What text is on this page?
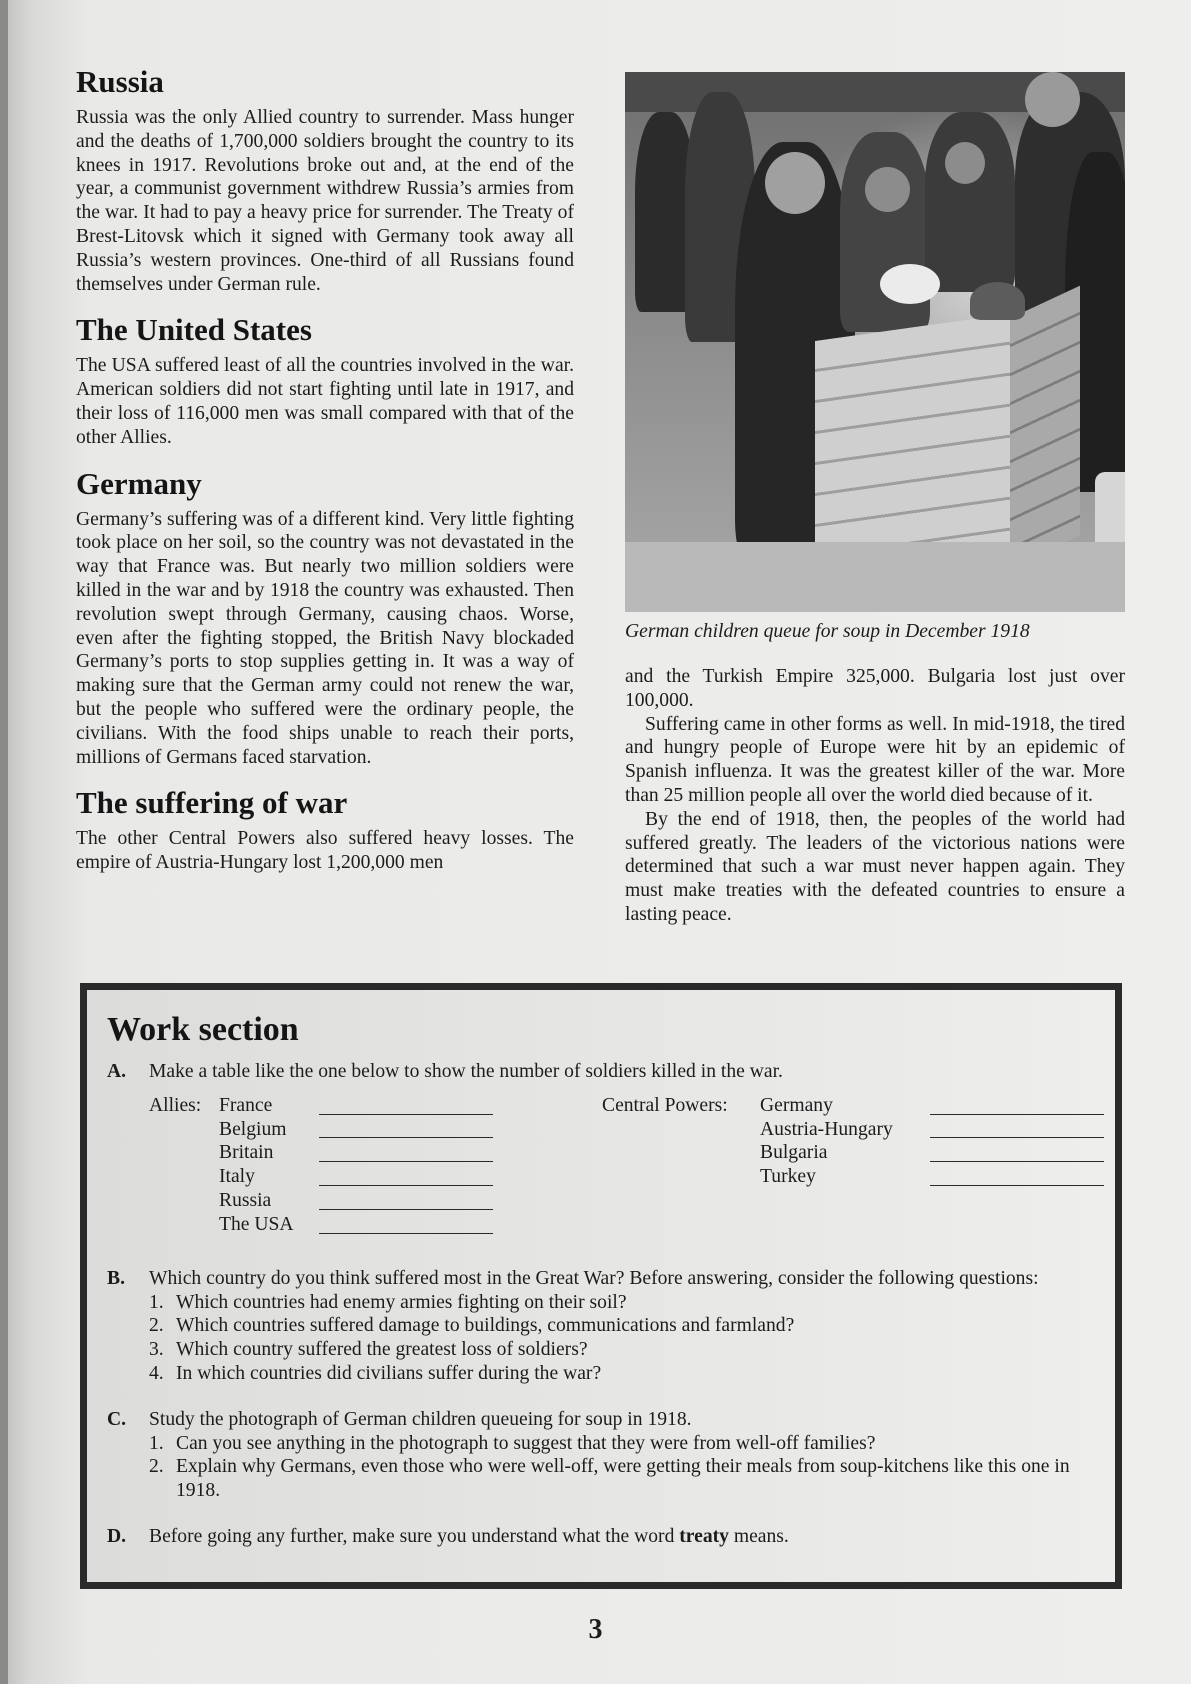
Russia

Russia was the only Allied country to surrender. Mass hunger and the deaths of 1,700,000 soldiers brought the country to its knees in 1917. Revolutions broke out and, at the end of the year, a communist government withdrew Russia’s armies from the war. It had to pay a heavy price for surrender. The Treaty of Brest-Litovsk which it signed with Germany took away all Russia’s western provinces. One-third of all Russians found themselves under German rule.

The United States

The USA suffered least of all the countries involved in the war. American soldiers did not start fighting until late in 1917, and their loss of 116,000 men was small compared with that of the other Allies.

Germany

Germany’s suffering was of a different kind. Very little fighting took place on her soil, so the country was not devastated in the way that France was. But nearly two million soldiers were killed in the war and by 1918 the country was exhausted. Then revolution swept through Germany, causing chaos. Worse, even after the fighting stopped, the British Navy blockaded Germany’s ports to stop supplies getting in. It was a way of making sure that the German army could not renew the war, but the people who suffered were the ordinary people, the civilians. With the food ships unable to reach their ports, millions of Germans faced starvation.

The suffering of war

The other Central Powers also suffered heavy losses. The empire of Austria-Hungary lost 1,200,000 men

German children queue for soup in December 1918

and the Turkish Empire 325,000. Bulgaria lost just over 100,000.

Suffering came in other forms as well. In mid-1918, the tired and hungry people of Europe were hit by an epidemic of Spanish influenza. It was the greatest killer of the war. More than 25 million people all over the world died because of it.

By the end of 1918, then, the peoples of the world had suffered greatly. The leaders of the victorious nations were determined that such a war must never happen again. They must make treaties with the defeated countries to ensure a lasting peace.

Work section
A. Make a table like the one below to show the number of soldiers killed in the war.
Allies: France
Belgium
Britain
Italy
Russia
The USA
Central Powers:	Germany
Austria-Hungary
Bulgaria
Turkey
B. Which country do you think suffered most in the Great War? Before answering, consider the following questions:
1. Which countries had enemy armies fighting on their soil?
2. Which countries suffered damage to buildings, communications and farmland?
3. Which country suffered the greatest loss of soldiers?
4. In which countries did civilians suffer during the war?
C. Study the photograph of German children queueing for soup in 1918.
1. Can you see anything in the photograph to suggest that they were from well-off families?
2. Explain why Germans, even those who were well-off, were getting their meals from soup-kitchens like this one in 1918.
D. Before going any further, make sure you understand what the word treaty means.
3
